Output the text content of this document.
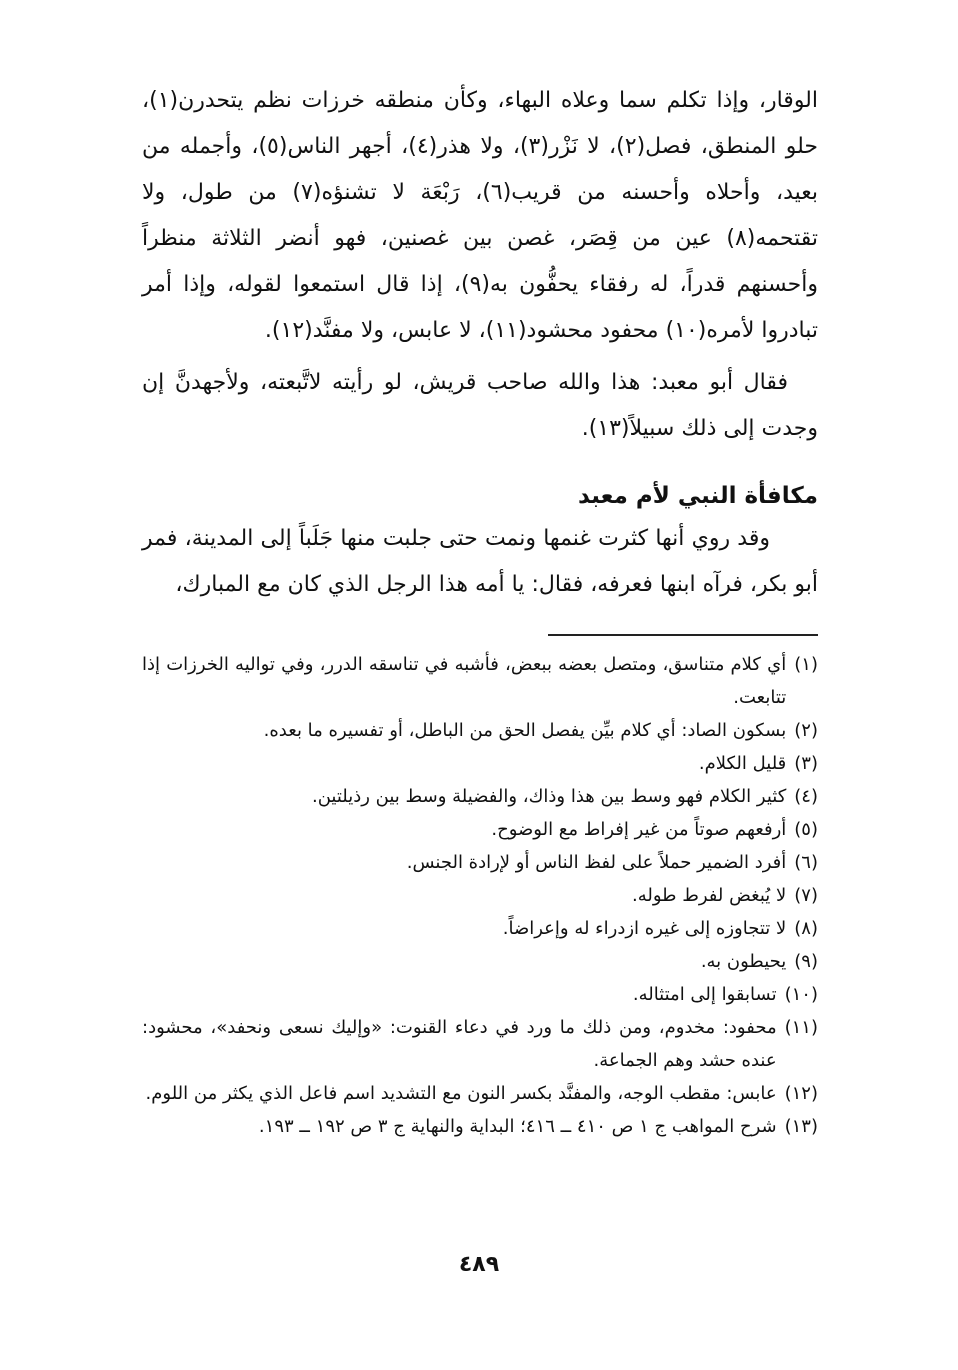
الوقار، وإذا تكلم سما وعلاه البهاء، وكأن منطقه خرزات نظم يتحدرن(١)، حلو المنطق، فصل(٢)، لا نَزْر(٣)، ولا هذر(٤)، أجهر الناس(٥)، وأجمله من بعيد، وأحلاه وأحسنه من قريب(٦)، رَبْعَة لا تشنؤه(٧) من طول، ولا تقتحمه(٨) عين من قِصَر، غصن بين غصنين، فهو أنضر الثلاثة منظراً وأحسنهم قدراً، له رفقاء يحفُّون به(٩)، إذا قال استمعوا لقوله، وإذا أمر تبادروا لأمره(١٠) محفود محشود(١١)، لا عابس، ولا مفنَّد(١٢).

فقال أبو معبد: هذا والله صاحب قريش، لو رأيته لاتَّبعته، ولأجهدنَّ إن وجدت إلى ذلك سبيلاً(١٣).

مكافأة النبي لأم معبد

وقد روي أنها كثرت غنمها ونمت حتى جلبت منها جَلَباً إلى المدينة، فمر أبو بكر، فرآه ابنها فعرفه، فقال: يا أمه هذا الرجل الذي كان مع المبارك،

(١)
أي كلام متناسق، ومتصل بعضه ببعض، فأشبه في تناسقه الدرر، وفي تواليه الخرزات إذا تتابعت.
(٢)
بسكون الصاد: أي كلام بيِّن يفصل الحق من الباطل، أو تفسيره ما بعده.
(٣)
قليل الكلام.
(٤)
كثير الكلام فهو وسط بين هذا وذاك، والفضيلة وسط بين رذيلتين.
(٥)
أرفعهم صوتاً من غير إفراط مع الوضوح.
(٦)
أفرد الضمير حملاً على لفظ الناس أو لإرادة الجنس.
(٧)
لا يُبغض لفرط طوله.
(٨)
لا تتجاوزه إلى غيره ازدراء له وإعراضاً.
(٩)
يحيطون به.
(١٠)
تسابقوا إلى امتثاله.
(١١)
محفود: مخدوم، ومن ذلك ما ورد في دعاء القنوت: «وإليك نسعى ونحفد»، محشود: عنده حشد وهم الجماعة.
(١٢)
عابس: مقطب الوجه، والمفنَّد بكسر النون مع التشديد اسم فاعل الذي يكثر من اللوم.
(١٣)
شرح المواهب ج ١ ص ٤١٠ ــ ٤١٦؛ البداية والنهاية ج ٣ ص ١٩٢ ــ ١٩٣.
٤٨٩
